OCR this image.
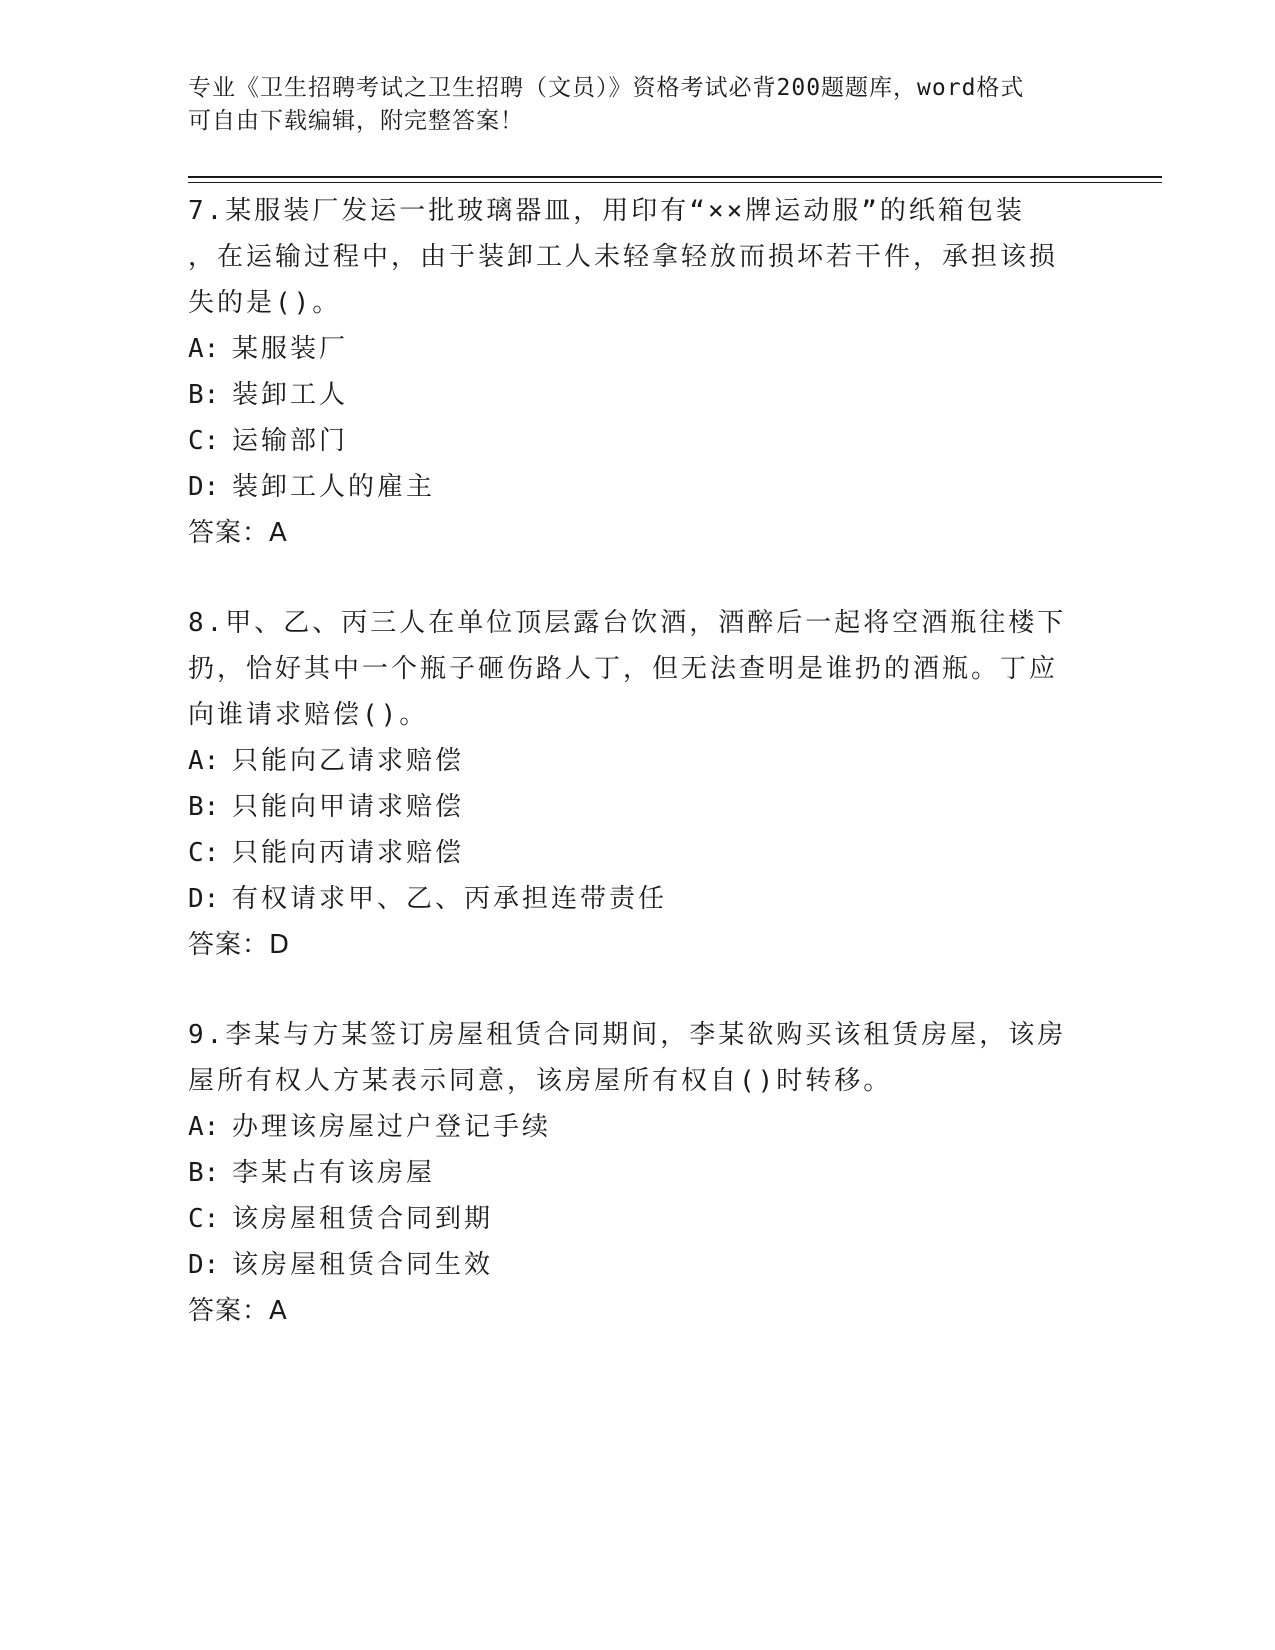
专业《卫生招聘考试之卫生招聘（文员）》资格考试必背200题题库，word格式
可自由下载编辑，附完整答案！
7.某服装厂发运一批玻璃器皿，用印有“××牌运动服”的纸箱包装
，在运输过程中，由于装卸工人未轻拿轻放而损坏若干件，承担该损
失的是()。
A: 某服装厂
B: 装卸工人
C: 运输部门
D: 装卸工人的雇主
答案：A
8.甲、乙、丙三人在单位顶层露台饮酒，酒醉后一起将空酒瓶往楼下
扔，恰好其中一个瓶子砸伤路人丁，但无法查明是谁扔的酒瓶。丁应
向谁请求赔偿()。
A: 只能向乙请求赔偿
B: 只能向甲请求赔偿
C: 只能向丙请求赔偿
D: 有权请求甲、乙、丙承担连带责任
答案：D
9.李某与方某签订房屋租赁合同期间，李某欲购买该租赁房屋，该房
屋所有权人方某表示同意，该房屋所有权自()时转移。
A: 办理该房屋过户登记手续
B: 李某占有该房屋
C: 该房屋租赁合同到期
D: 该房屋租赁合同生效
答案：A
